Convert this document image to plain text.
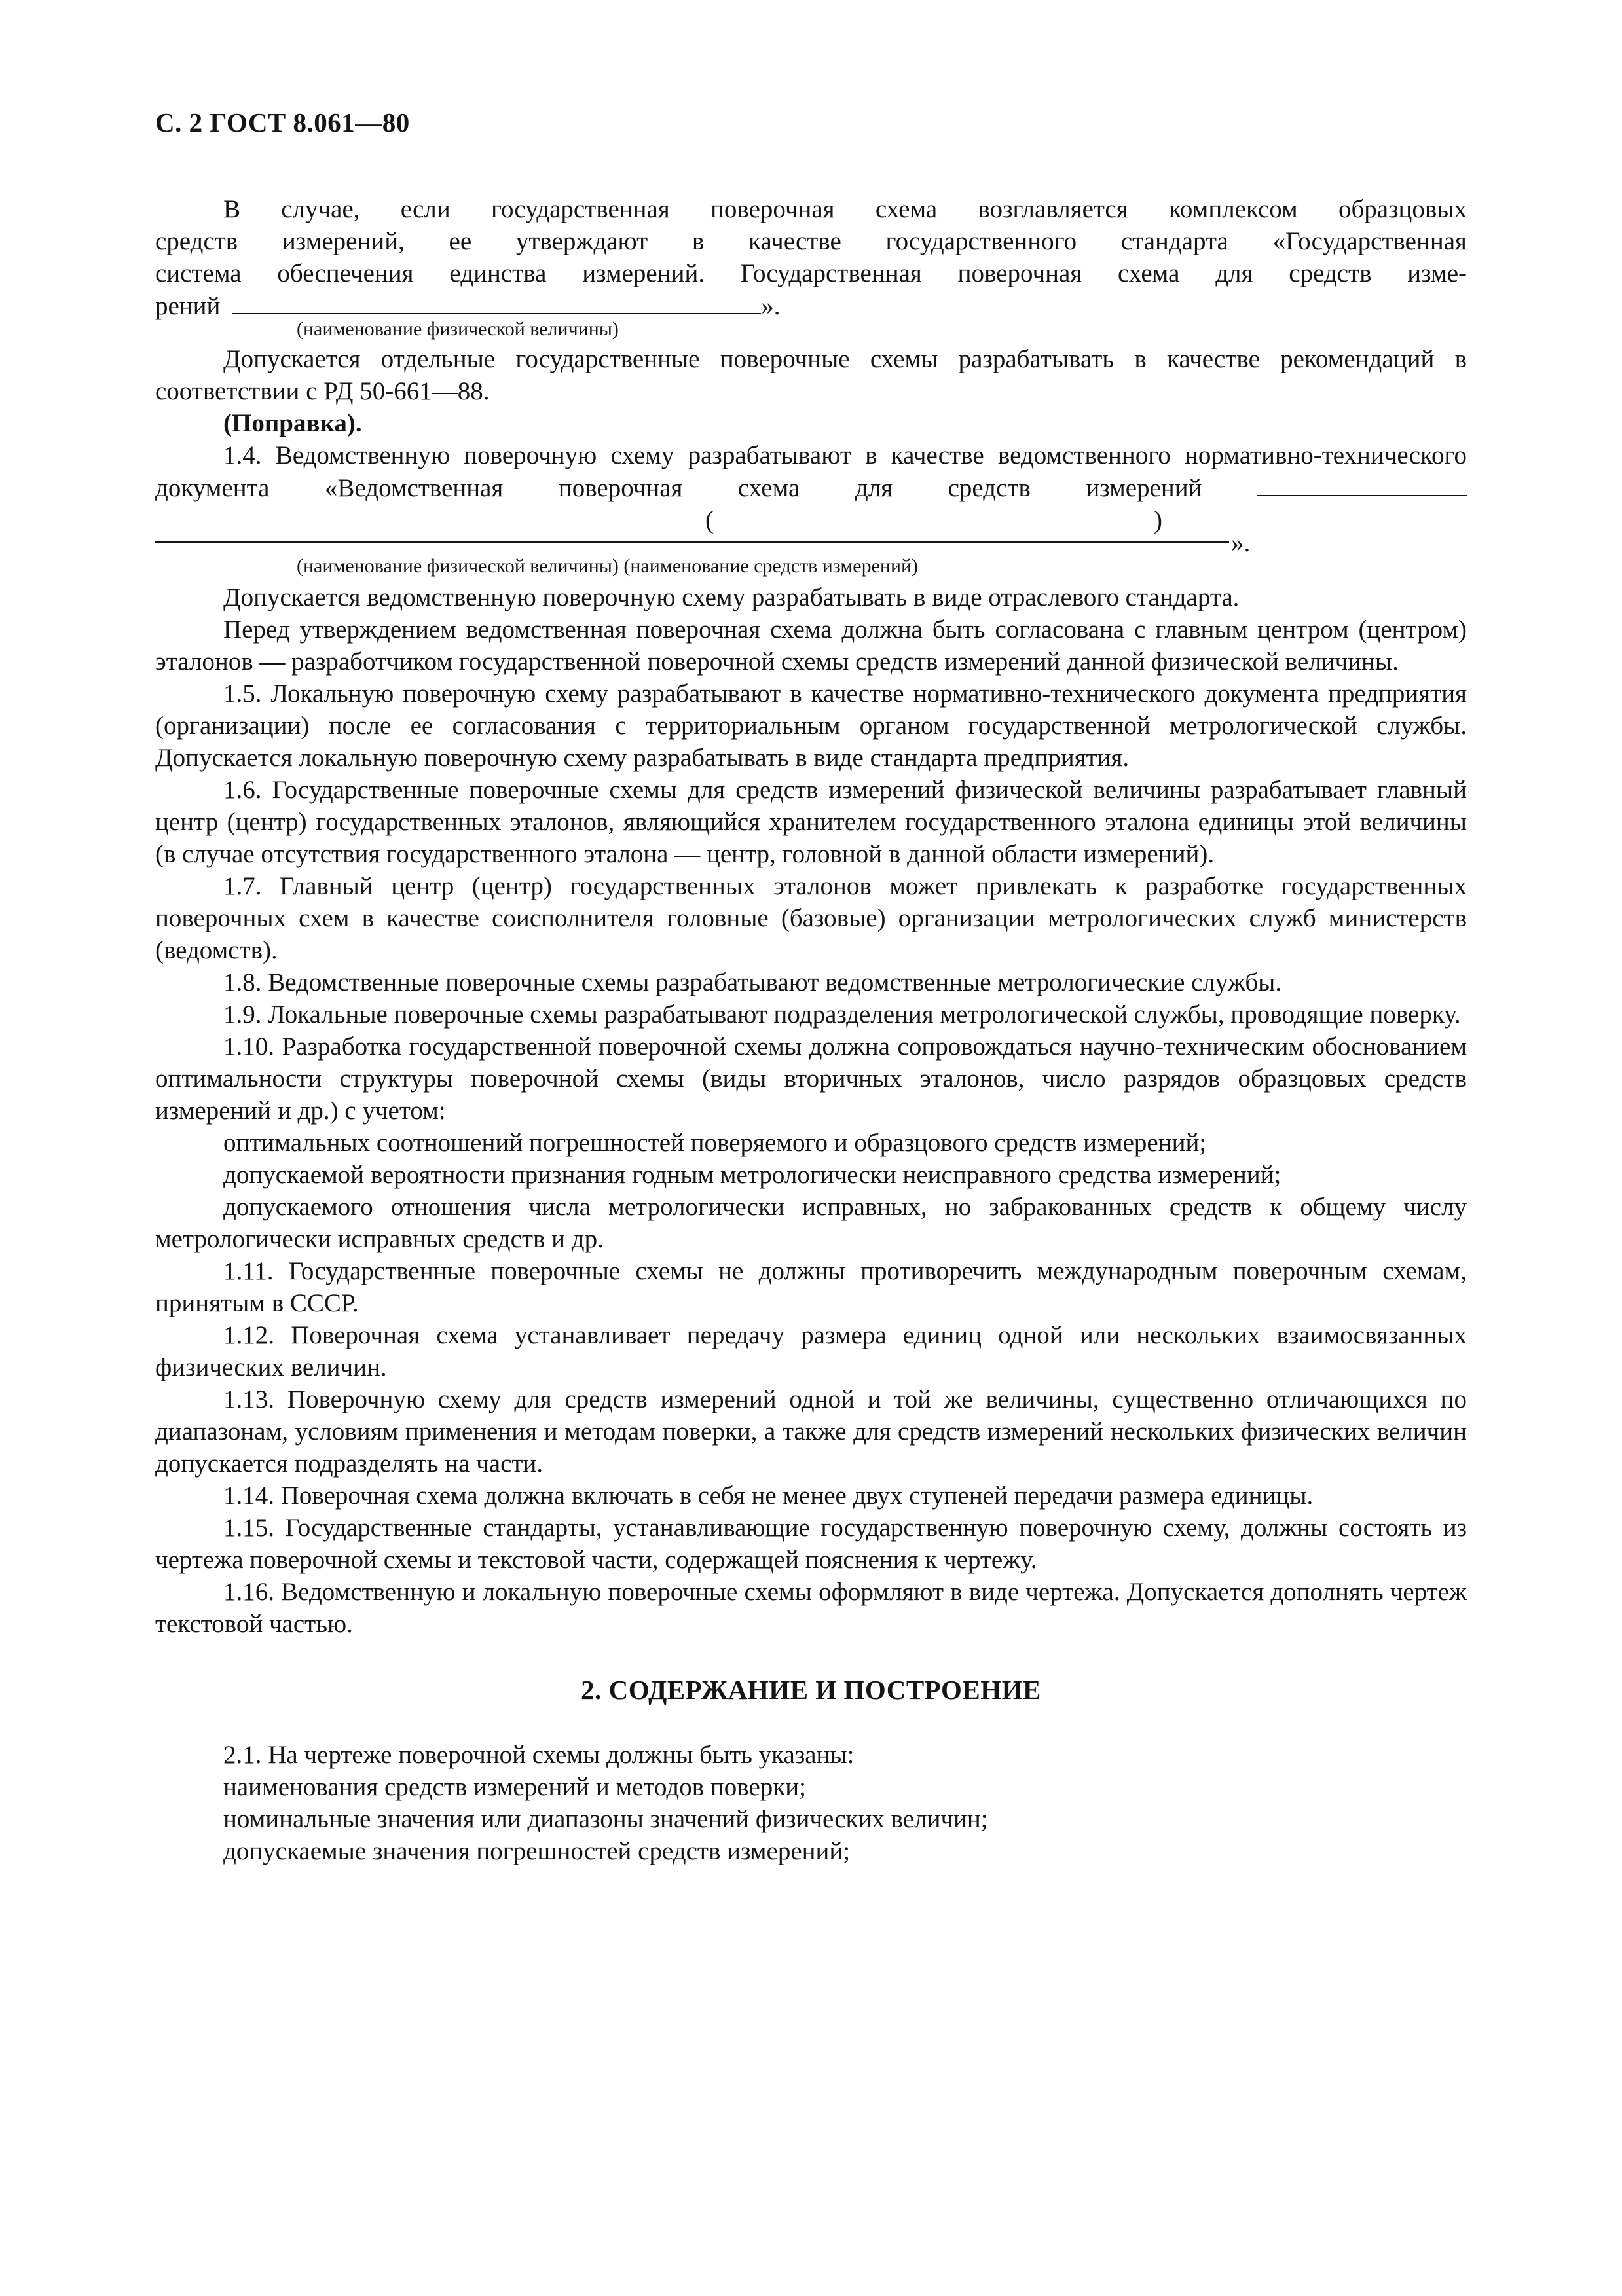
С. 2 ГОСТ 8.061—80

В случае, если государственная поверочная схема возглавляется комплексом образцовых

средств измерений, ее утверждают в качестве государственного стандарта «Государственная

система обеспечения единства измерений. Государственная поверочная схема для средств изме-

рений	».

(наименование физической величины)

Допускается отдельные государственные поверочные схемы разрабатывать в качестве рекомендаций в соответствии с РД 50-661—88.

(Поправка).

1.4. Ведомственную поверочную схему разрабатывают в качестве ведомственного нормативно-технического документа «Ведомственная поверочная схема для средств измерений

(	)
».
(наименование физической величины) (наименование средств измерений)

Допускается ведомственную поверочную схему разрабатывать в виде отраслевого стандарта.

Перед утверждением ведомственная поверочная схема должна быть согласована с главным центром (центром) эталонов — разработчиком государственной поверочной схемы средств измерений данной физической величины.

1.5. Локальную поверочную схему разрабатывают в качестве нормативно-технического документа предприятия (организации) после ее согласования с территориальным органом государственной метрологической службы. Допускается локальную поверочную схему разрабатывать в виде стандарта предприятия.

1.6. Государственные поверочные схемы для средств измерений физической величины разрабатывает главный центр (центр) государственных эталонов, являющийся хранителем государственного эталона единицы этой величины (в случае отсутствия государственного эталона — центр, головной в данной области измерений).

1.7. Главный центр (центр) государственных эталонов может привлекать к разработке государственных поверочных схем в качестве соисполнителя головные (базовые) организации метрологических служб министерств (ведомств).

1.8. Ведомственные поверочные схемы разрабатывают ведомственные метрологические службы.

1.9. Локальные поверочные схемы разрабатывают подразделения метрологической службы, проводящие поверку.

1.10. Разработка государственной поверочной схемы должна сопровождаться научно-техническим обоснованием оптимальности структуры поверочной схемы (виды вторичных эталонов, число разрядов образцовых средств измерений и др.) с учетом:

оптимальных соотношений погрешностей поверяемого и образцового средств измерений;

допускаемой вероятности признания годным метрологически неисправного средства измерений;

допускаемого отношения числа метрологически исправных, но забракованных средств к общему числу метрологически исправных средств и др.

1.11. Государственные поверочные схемы не должны противоречить международным поверочным схемам, принятым в СССР.

1.12. Поверочная схема устанавливает передачу размера единиц одной или нескольких взаимосвязанных физических величин.

1.13. Поверочную схему для средств измерений одной и той же величины, существенно отличающихся по диапазонам, условиям применения и методам поверки, а также для средств измерений нескольких физических величин допускается подразделять на части.

1.14. Поверочная схема должна включать в себя не менее двух ступеней передачи размера единицы.

1.15. Государственные стандарты, устанавливающие государственную поверочную схему, должны состоять из чертежа поверочной схемы и текстовой части, содержащей пояснения к чертежу.

1.16. Ведомственную и локальную поверочные схемы оформляют в виде чертежа. Допускается дополнять чертеж текстовой частью.

2. СОДЕРЖАНИЕ И ПОСТРОЕНИЕ

2.1. На чертеже поверочной схемы должны быть указаны:

наименования средств измерений и методов поверки;

номинальные значения или диапазоны значений физических величин;

допускаемые значения погрешностей средств измерений;
